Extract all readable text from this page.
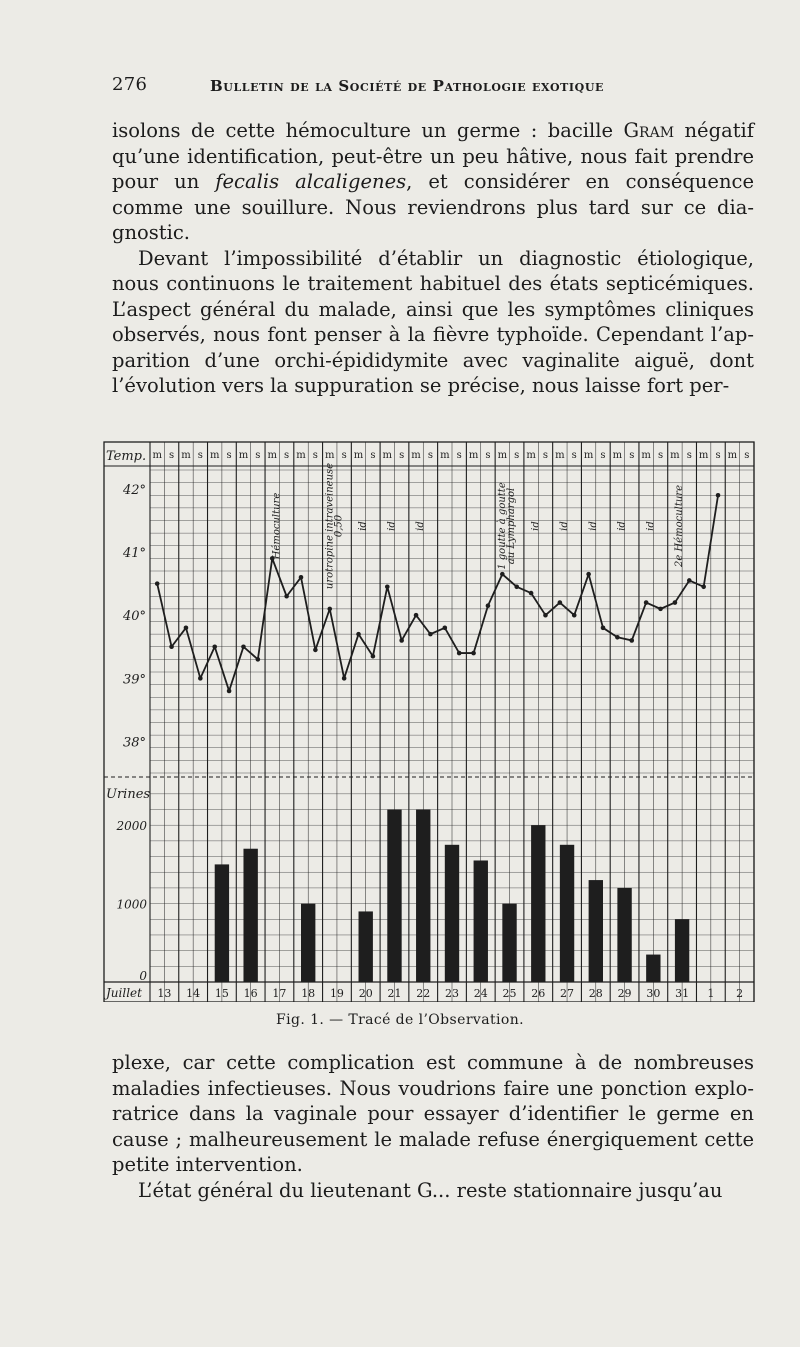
276	Bulletin de la Société de Pathologie exotique

isolons de cette hémoculture un germe : bacille Gram négatif qu’une identification, peut-être un peu hâtive, nous fait prendre pour un fecalis alcaligenes, et considérer en conséquence comme une souillure. Nous reviendrons plus tard sur ce diagnostic.

Devant l’impossibilité d’établir un diagnostic étiologique, nous continuons le traitement habituel des états septicémiques. L’aspect général du malade, ainsi que les symptômes cliniques observés, nous font penser à la fièvre typhoïde. Cependant l’apparition d’une orchi-épididymite avec vaginalite aiguë, dont l’évolution vers la suppuration se précise, nous laisse fort per-

m s m s m s m s m s m s m s m s m s m s m s m s m s m s m s m s m s m s m s m s m s
Temp.
42°
41°
40°
39°
38°
Urines
2000
1000
0
Juillet 13 14 15 16 17 18 19 20 21 22 23 24 25 26 27 28 29 30 31 1 2
Hémoculture	urotropine intraveineuse
0,50 id id id	1 goutte à goutte
au Lymphargol id id id id id 2e Hémoculture
Fig. 1. — Tracé de l’Observation.

plexe, car cette complication est commune à de nombreuses maladies infectieuses. Nous voudrions faire une ponction exploratrice dans la vaginale pour essayer d’identifier le germe en cause ; malheureusement le malade refuse énergiquement cette petite intervention.

L’état général du lieutenant G... reste stationnaire jusqu’au
